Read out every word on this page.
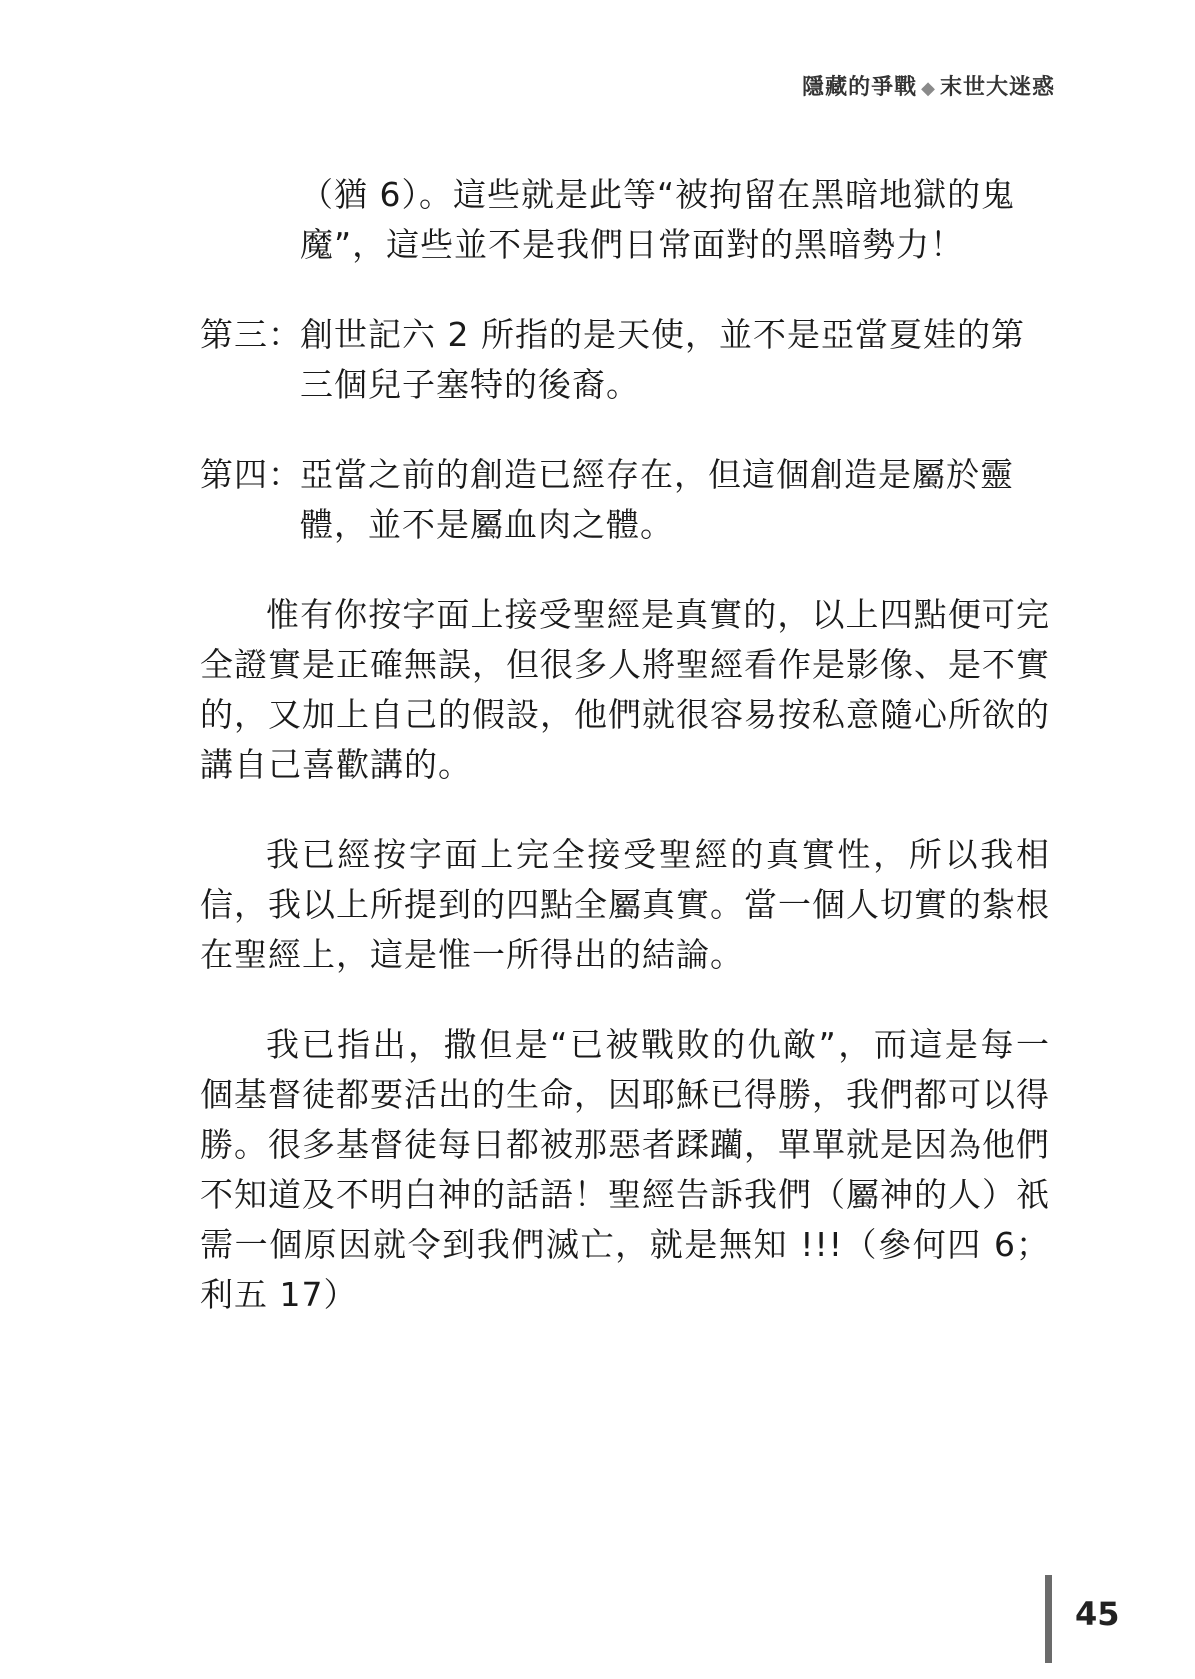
隱藏的爭戰 ◆ 末世大迷惑

（猶 6）。這些就是此等“被拘留在黑暗地獄的鬼魔”，這些並不是我們日常面對的黑暗勢力！

第三：
創世記六 2 所指的是天使，並不是亞當夏娃的第三個兒子塞特的後裔。
第四：
亞當之前的創造已經存在，但這個創造是屬於靈體，並不是屬血肉之體。

惟有你按字面上接受聖經是真實的，以上四點便可完全證實是正確無誤，但很多人將聖經看作是影像、是不實的，又加上自己的假設，他們就很容易按私意隨心所欲的講自己喜歡講的。

我已經按字面上完全接受聖經的真實性，所以我相信，我以上所提到的四點全屬真實。當一個人切實的紮根在聖經上，這是惟一所得出的結論。

我已指出，撒但是“已被戰敗的仇敵”，而這是每一個基督徒都要活出的生命，因耶穌已得勝，我們都可以得勝。很多基督徒每日都被那惡者蹂躪，單單就是因為他們不知道及不明白神的話語！聖經告訴我們（屬神的人）祇需一個原因就令到我們滅亡，就是無知 !!!（參何四 6；利五 17）

45
